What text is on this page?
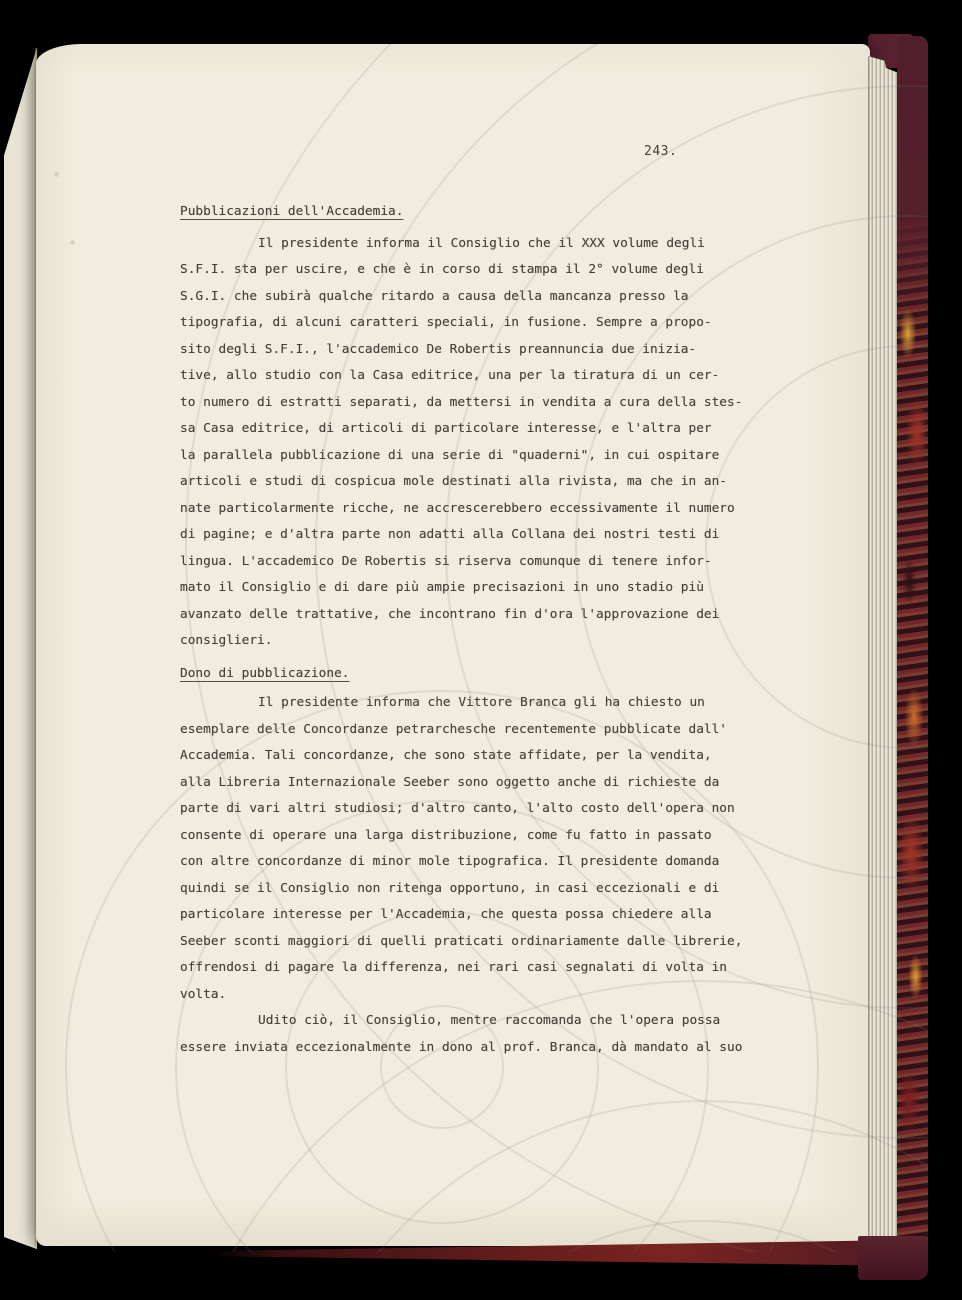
243.
Pubblicazioni dell'Accademia.
Il presidente informa il Consiglio che il XXX volume degli
S.F.I. sta per uscire, e che è in corso di stampa il 2° volume degli
S.G.I. che subirà qualche ritardo a causa della mancanza presso la
tipografia, di alcuni caratteri speciali, in fusione. Sempre a propo-
sito degli S.F.I., l'accademico De Robertis preannuncia due inizia-
tive, allo studio con la Casa editrice, una per la tiratura di un cer-
to numero di estratti separati, da mettersi in vendita a cura della stes-
sa Casa editrice, di articoli di particolare interesse, e l'altra per
la parallela pubblicazione di una serie di "quaderni", in cui ospitare
articoli e studi di cospicua mole destinati alla rivista, ma che in an-
nate particolarmente ricche, ne accrescerebbero eccessivamente il numero
di pagine; e d'altra parte non adatti alla Collana dei nostri testi di
lingua. L'accademico De Robertis si riserva comunque di tenere infor-
mato il Consiglio e di dare più ampie precisazioni in uno stadio più
avanzato delle trattative, che incontrano fin d'ora l'approvazione dei
consiglieri.
Dono di pubblicazione.
Il presidente informa che Vittore Branca gli ha chiesto un
esemplare delle Concordanze petrarchesche recentemente pubblicate dall'
Accademia. Tali concordanze, che sono state affidate, per la vendita,
alla Libreria Internazionale Seeber sono oggetto anche di richieste da
parte di vari altri studiosi; d'altro canto, l'alto costo dell'opera non
consente di operare una larga distribuzione, come fu fatto in passato
con altre concordanze di minor mole tipografica. Il presidente domanda
quindi se il Consiglio non ritenga opportuno, in casi eccezionali e di
particolare interesse per l'Accademia, che questa possa chiedere alla
Seeber sconti maggiori di quelli praticati ordinariamente dalle librerie,
offrendosi di pagare la differenza, nei rari casi segnalati di volta in
volta.
Udito ciò, il Consiglio, mentre raccomanda che l'opera possa
essere inviata eccezionalmente in dono al prof. Branca, dà mandato al suo
